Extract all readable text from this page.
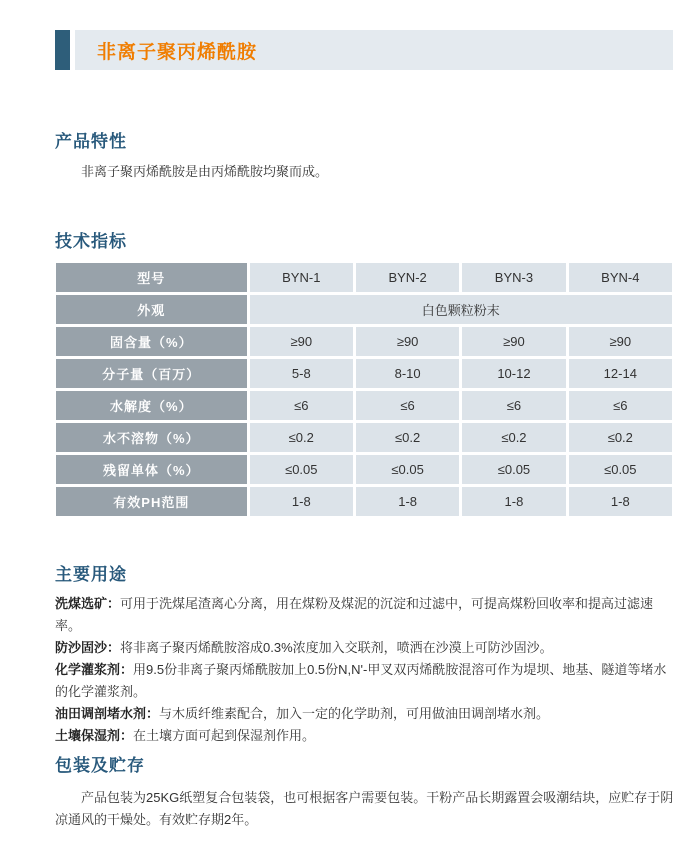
非离子聚丙烯酰胺
产品特性

非离子聚丙烯酰胺是由丙烯酰胺均聚而成。

技术指标
型号	BYN-1	BYN-2	BYN-3	BYN-4
外观	白色颗粒粉末			
固含量（%）	≥90	≥90	≥90	≥90
分子量（百万）	5-8	8-10	10-12	12-14
水解度（%）	≤6	≤6	≤6	≤6
水不溶物（%）	≤0.2	≤0.2	≤0.2	≤0.2
残留单体（%）	≤0.05	≤0.05	≤0.05	≤0.05
有效PH范围	1-8	1-8	1-8	1-8
主要用途

洗煤选矿：可用于洗煤尾渣离心分离，用在煤粉及煤泥的沉淀和过滤中，可提高煤粉回收率和提高过滤速率。

防沙固沙：将非离子聚丙烯酰胺溶成0.3%浓度加入交联剂，喷洒在沙漠上可防沙固沙。

化学灌浆剂：用9.5份非离子聚丙烯酰胺加上0.5份N,N'-甲叉双丙烯酰胺混溶可作为堤坝、地基、隧道等堵水的化学灌浆剂。

油田调剖堵水剂：与木质纤维素配合，加入一定的化学助剂，可用做油田调剖堵水剂。

土壤保湿剂：在土壤方面可起到保湿剂作用。

包装及贮存

产品包装为25KG纸塑复合包装袋，也可根据客户需要包装。干粉产品长期露置会吸潮结块，应贮存于阴凉通风的干燥处。有效贮存期2年。
